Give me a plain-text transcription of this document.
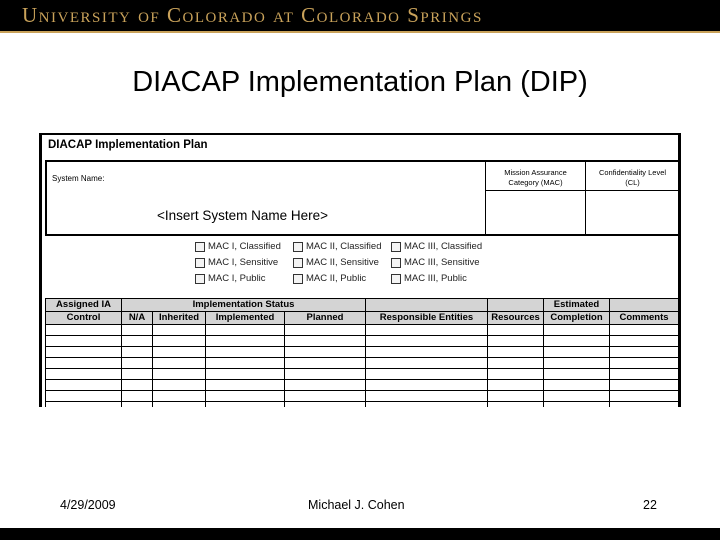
University of Colorado at Colorado Springs
DIACAP Implementation Plan (DIP)
DIACAP Implementation Plan
System Name:
<Insert System Name Here>
Mission Assurance
Category (MAC)
Confidentiality Level
(CL)
MAC I, Classified	MAC II, Classified MAC III, Classified
MAC I, Sensitive	MAC II, Sensitive	MAC III, Sensitive
MAC I, Public	MAC II, Public	MAC III, Public
Assigned IA	Implementation Status						Estimated	
Control	N/A	Inherited	Implemented	Planned	Responsible Entities	Resources	Completion	Comments

4/29/2009	Michael J. Cohen	22
